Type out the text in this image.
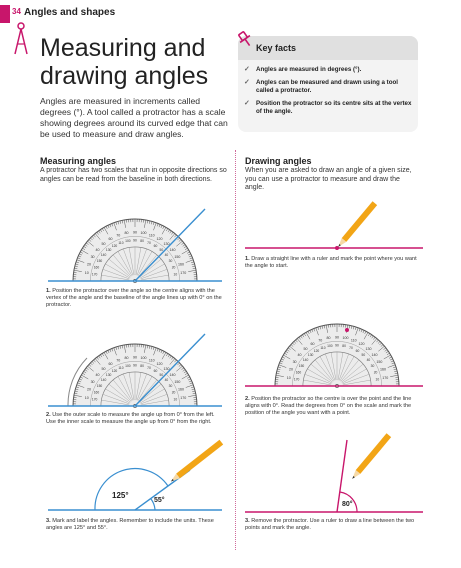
34 Angles and shapes
Measuring and
drawing angles

Angles are measured in increments called degrees (°). A tool called a protractor has a scale showing degrees around its curved edge that can be used to measure and draw angles.

Key facts
✓ Angles are measured in degrees (°).
✓ Angles can be measured and drawn using a tool called a protractor.
✓ Position the protractor so its centre sits at the vertex of the angle.
Measuring angles
A protractor has two scales that run in opposite directions so angles can be read from the baseline in both directions.
10 170
20
160
30
150
40
140
50
130
60
120
70
110
80
100
90
90
100
80
110
70
120
60
130
50 140
40 150
30
160
20
170
10
1. Position the protractor over the angle so the centre aligns with the vertex of the angle and the baseline of the angle lines up with 0° on the protractor.
10 170
20
160
30
150
40
140
50
130
60
120
70
110
80
100
90
90
100
80
110
70
120
60
130
50 140
40 150
30
160
20
170
10
2. Use the outer scale to measure the angle up from 0° from the left. Use the inner scale to measure the angle up from 0° from the right.
125°
55°
3. Mark and label the angles. Remember to include the units. These angles are 125° and 55°.
Drawing angles
When you are asked to draw an angle of a given size, you can use a protractor to measure and draw the angle.
1. Draw a straight line with a ruler and mark the point where you want the angle to start.
10 170
20
160
30
150
40
140
50
130
60
120
70
110
80
100
90
90
100
80
110
70
120
60
130
50 140
40 150
30
160
20
170
10
2. Position the protractor so the centre is over the point and the line aligns with 0°. Read the degrees from 0° on the scale and mark the position of the angle you want with a point.
80°
3. Remove the protractor. Use a ruler to draw a line between the two points and mark the angle.
